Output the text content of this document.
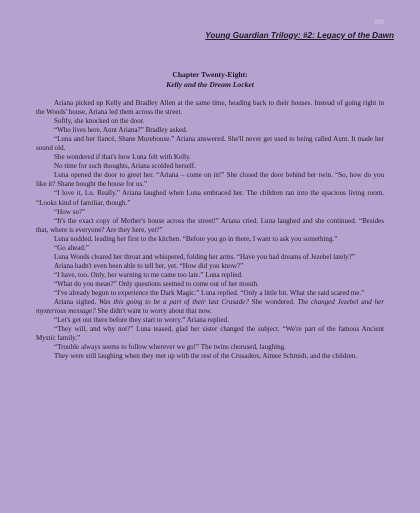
285
Young Guardian Trilogy: #2: Legacy of the Dawn
Chapter Twenty-Eight:
Kelly and the Dream Locket

Ariana picked up Kelly and Bradley Allen at the same time, heading back to their houses. Instead of going right in the Woods' house, Ariana led them across the street.

Softly, she knocked on the door.

“Who lives here, Aunt Ariana?” Bradley asked.

“Luna and her fiancé, Shane Morehouse.” Ariana answered. She'll never get used to being called Aunt. It made her sound old.

She wondered if that's how Luna felt with Kelly.

No time for such thoughts, Ariana scolded herself.

Luna opened the door to greet her. “Ariana – come on in!” She closed the door behind her twin. “So, how do you like it? Shane bought the house for us.”

“I love it, Lu. Really.” Ariana laughed when Luna embraced her. The children ran into the spacious living room. “Looks kind of familiar, though.”

“How so?”

“It's the exact copy of Mother's house across the street!” Ariana cried. Luna laughed and she continued. “Besides that, where is everyone? Are they here, yet?”

Luna nodded, leading her first to the kitchen. “Before you go in there, I want to ask you something.”

“Go ahead.”

Luna Woods cleared her throat and whispered, folding her arms. “Have you had dreams of Jezebel lately?”

Ariana hadn't even been able to tell her, yet. “How did you know?”

“I have, too. Only, her warning to me came too late.” Luna replied.

“What do you mean?” Only questions seemed to come out of her mouth.

“I've already begun to experience the Dark Magic.” Luna replied. “Only a little bit. What she said scared me.”

Ariana sighed. Was this going to be a part of their last Crusade? She wondered. The changed Jezebel and her mysterious message? She didn't want to worry about that now.

“Let's get out there before they start to worry.” Ariana replied.

“They will, and why not?” Luna teased, glad her sister changed the subject. “We're part of the famous Ancient Mystic family.”

“Trouble always seems to follow wherever we go!” The twins chorused, laughing.

They were still laughing when they met up with the rest of the Crusaders, Aimee Schmidt, and the children.
